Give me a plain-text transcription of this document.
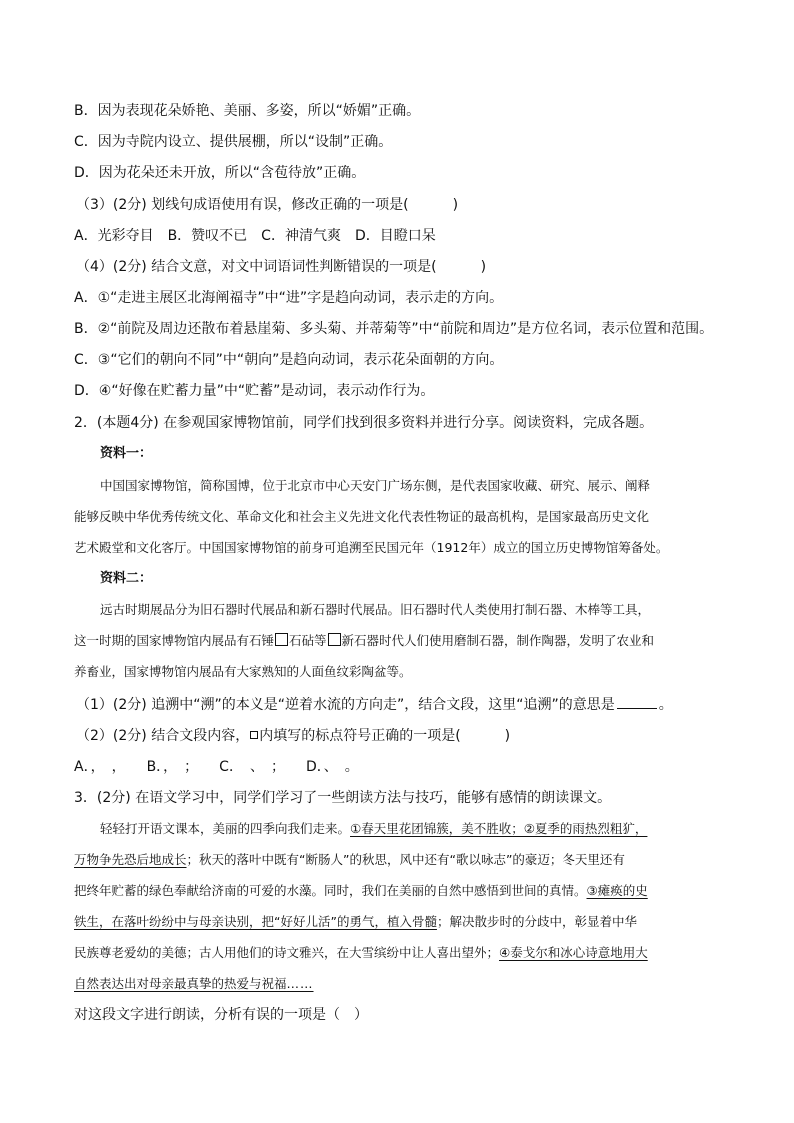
B．因为表现花朵娇艳、美丽、多姿，所以“娇媚”正确。
C．因为寺院内设立、提供展棚，所以“设制”正确。
D．因为花朵还未开放，所以“含苞待放”正确。
（3）(2分) 划线句成语使用有误，修改正确的一项是(	)
A．光彩夺目　B．赞叹不已　C．神清气爽　D．目瞪口呆
（4）(2分) 结合文意，对文中词语词性判断错误的一项是(	)
A．①“走进主展区北海阐福寺”中“进”字是趋向动词，表示走的方向。
B．②“前院及周边还散布着悬崖菊、多头菊、并蒂菊等”中“前院和周边”是方位名词，表示位置和范围。
C．③“它们的朝向不同”中“朝向”是趋向动词，表示花朵面朝的方向。
D．④“好像在贮蓄力量”中“贮蓄”是动词，表示动作行为。
2．(本题4分) 在参观国家博物馆前，同学们找到很多资料并进行分享。阅读资料，完成各题。
资料一：
中国国家博物馆，简称国博，位于北京市中心天安门广场东侧，是代表国家收藏、研究、展示、阐释
能够反映中华优秀传统文化、革命文化和社会主义先进文化代表性物证的最高机构，是国家最高历史文化
艺术殿堂和文化客厅。中国国家博物馆的前身可追溯至民国元年（1912年）成立的国立历史博物馆筹备处。
资料二：
远古时期展品分为旧石器时代展品和新石器时代展品。旧石器时代人类使用打制石器、木棒等工具，
这一时期的国家博物馆内展品有石锤 石砧等 新石器时代人们使用磨制石器，制作陶器，发明了农业和
养畜业，国家博物馆内展品有大家熟知的人面鱼纹彩陶盆等。
（1）(2分) 追溯中“溯”的本义是“逆着水流的方向走”，结合文段，这里“追溯”的意思是	。
（2）(2分) 结合文段内容， 内填写的标点符号正确的一项是(	)
A．，　，　　B．，　；　　C．　、　；　　D．、　。
3．(2分) 在语文学习中，同学们学习了一些朗读方法与技巧，能够有感情的朗读课文。
轻轻打开语文课本，美丽的四季向我们走来。①春天里花团锦簇，美不胜收；②夏季的雨热烈粗犷，
万物争先恐后地成长；秋天的落叶中既有“断肠人”的秋思，风中还有“歌以咏志”的豪迈；冬天里还有
把终年贮蓄的绿色奉献给济南的可爱的水藻。同时，我们在美丽的自然中感悟到世间的真情。③瘫痪的史
铁生，在落叶纷纷中与母亲诀别，把“好好儿活”的勇气，植入骨髓；解决散步时的分歧中，彰显着中华
民族尊老爱幼的美德；古人用他们的诗文雅兴，在大雪缤纷中让人喜出望外；④泰戈尔和冰心诗意地用大
自然表达出对母亲最真挚的热爱与祝福……
对这段文字进行朗读，分析有误的一项是（　）
